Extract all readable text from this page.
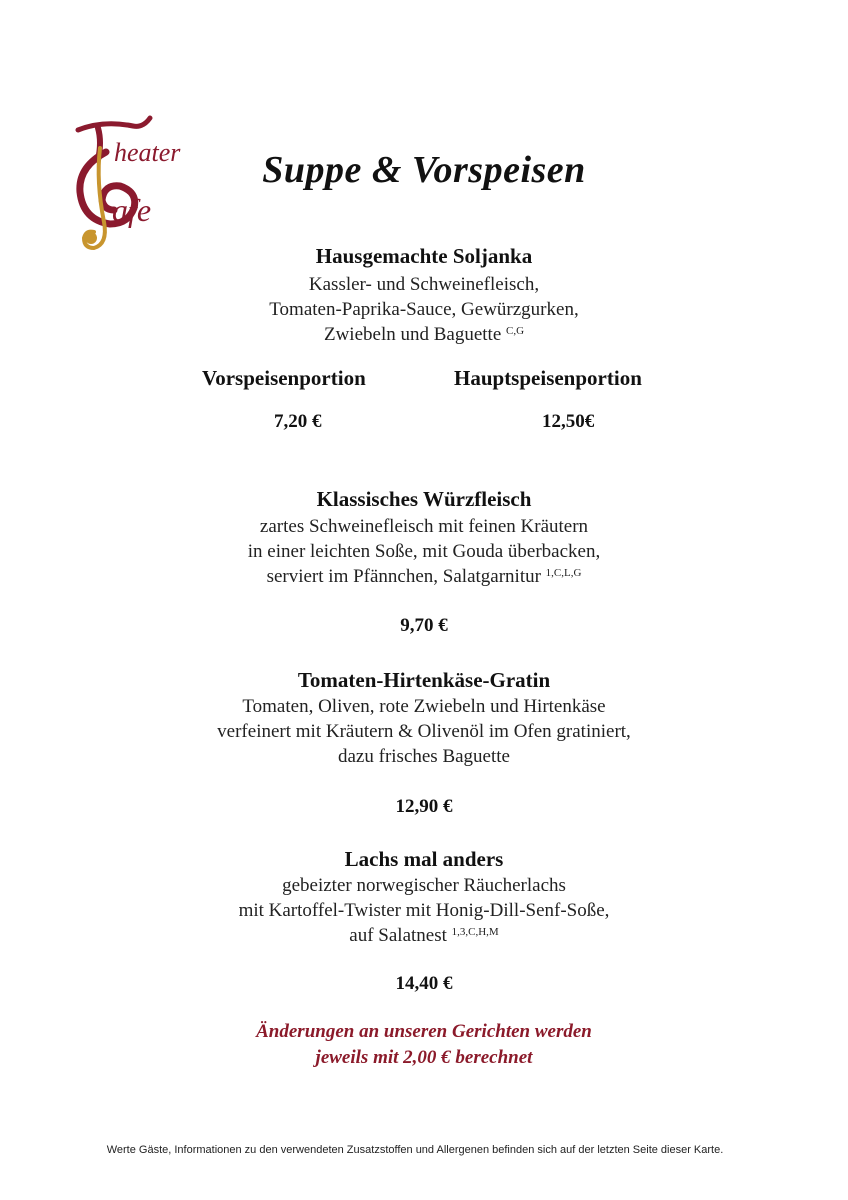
heater
afe
Suppe & Vorspeisen
Hausgemachte Soljanka
Kassler- und Schweinefleisch,
Tomaten-Paprika-Sauce, Gewürzgurken,
Zwiebeln und Baguette $^{C,G}$
Vorspeisenportion	Hauptspeisenportion
7,20 €	12,50€
Klassisches Würzfleisch
zartes Schweinefleisch mit feinen Kräutern
in einer leichten Soße, mit Gouda überbacken,
serviert im Pfännchen, Salatgarnitur $^{1,C,L,G}$
9,70 €
Tomaten-Hirtenkäse-Gratin
Tomaten, Oliven, rote Zwiebeln und Hirtenkäse
verfeinert mit Kräutern & Olivenöl im Ofen gratiniert,
dazu frisches Baguette
12,90 €
Lachs mal anders
gebeizter norwegischer Räucherlachs
mit Kartoffel-Twister mit Honig-Dill-Senf-Soße,
auf Salatnest $^{1,3,C,H,M}$
14,40 €
Änderungen an unseren Gerichten werden
jeweils mit 2,00 € berechnet
Werte Gäste, Informationen zu den verwendeten Zusatzstoffen und Allergenen befinden sich auf der letzten Seite dieser Karte.
